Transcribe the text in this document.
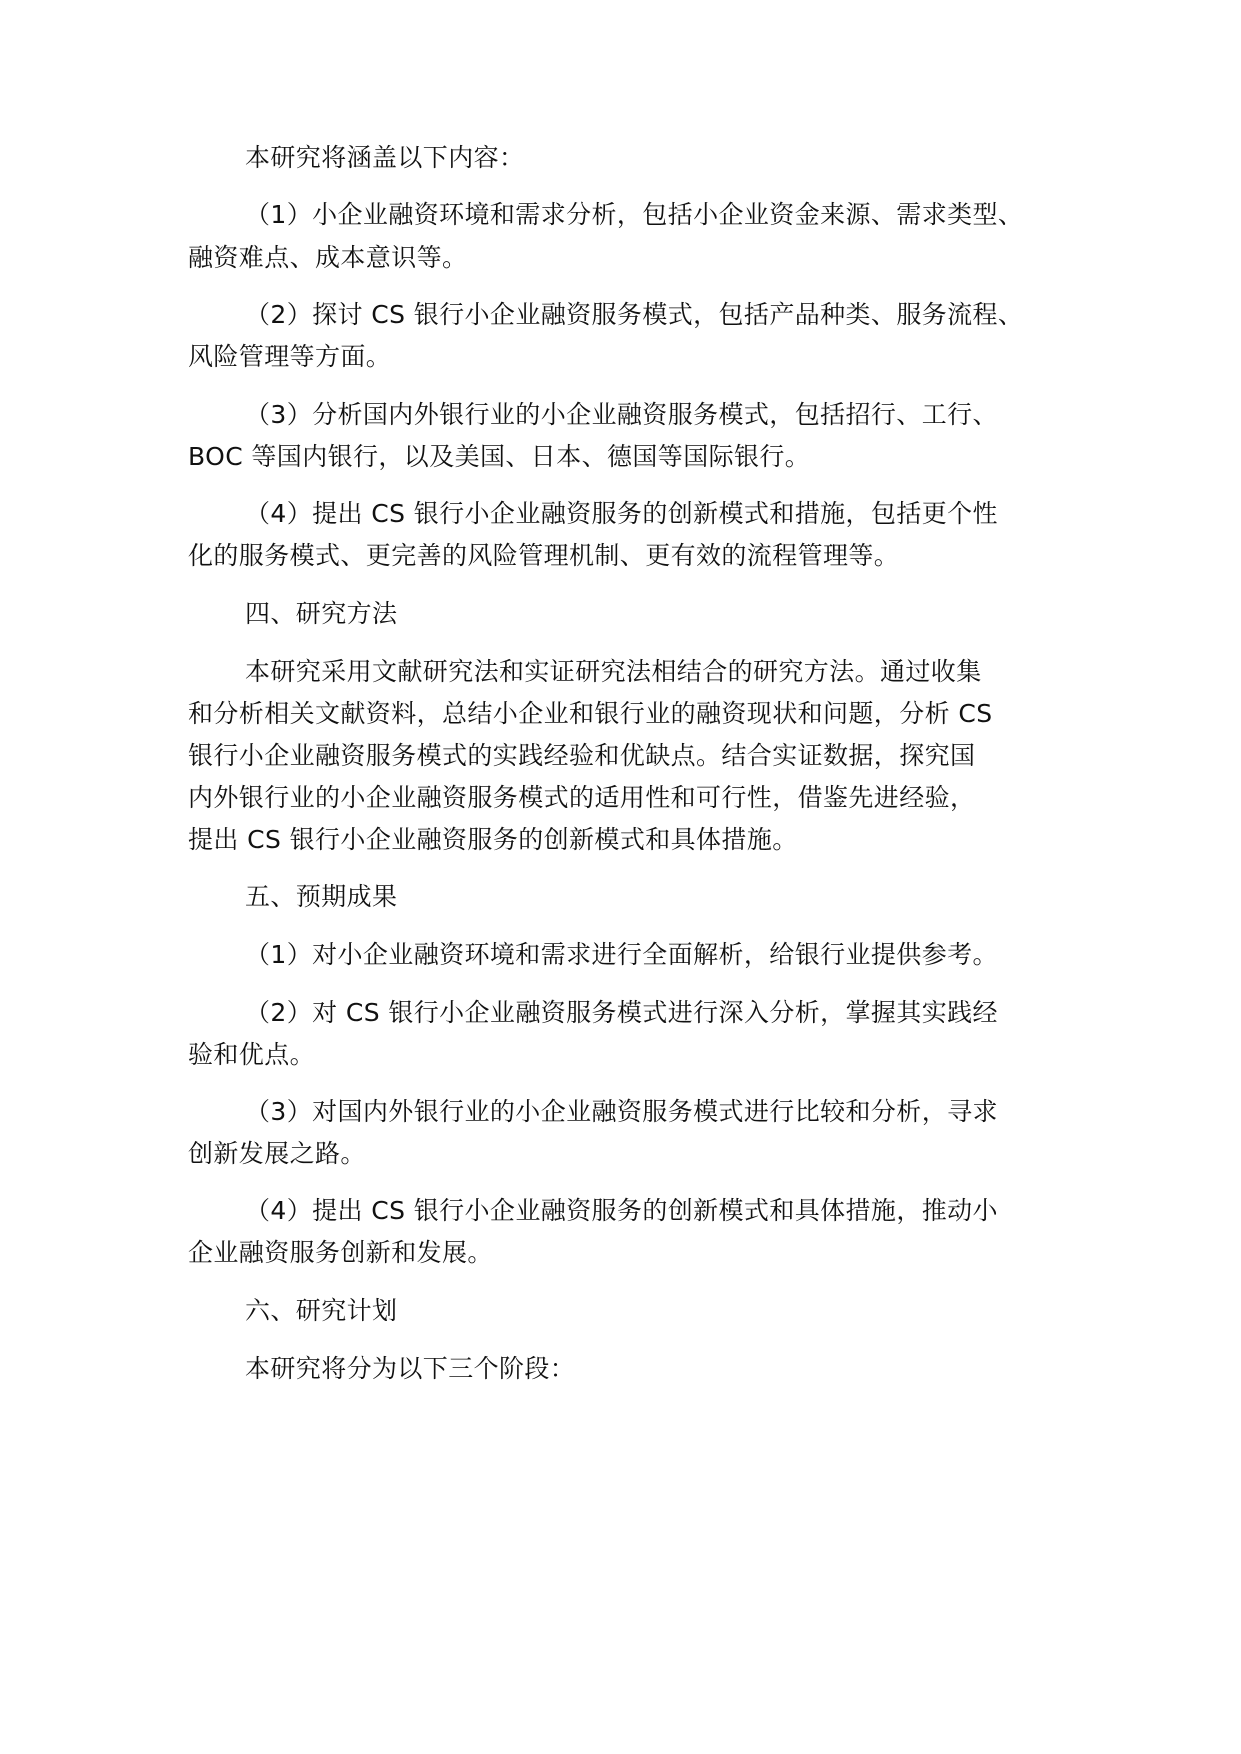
本研究将涵盖以下内容：
（1）小企业融资环境和需求分析，包括小企业资金来源、需求类型、
融资难点、成本意识等。
（2）探讨 CS 银行小企业融资服务模式，包括产品种类、服务流程、
风险管理等方面。
（3）分析国内外银行业的小企业融资服务模式，包括招行、工行、
BOC 等国内银行，以及美国、日本、德国等国际银行。
（4）提出 CS 银行小企业融资服务的创新模式和措施，包括更个性
化的服务模式、更完善的风险管理机制、更有效的流程管理等。
四、研究方法
本研究采用文献研究法和实证研究法相结合的研究方法。通过收集
和分析相关文献资料，总结小企业和银行业的融资现状和问题，分析 CS
银行小企业融资服务模式的实践经验和优缺点。结合实证数据，探究国
内外银行业的小企业融资服务模式的适用性和可行性，借鉴先进经验，
提出 CS 银行小企业融资服务的创新模式和具体措施。
五、预期成果
（1）对小企业融资环境和需求进行全面解析，给银行业提供参考。
（2）对 CS 银行小企业融资服务模式进行深入分析，掌握其实践经
验和优点。
（3）对国内外银行业的小企业融资服务模式进行比较和分析，寻求
创新发展之路。
（4）提出 CS 银行小企业融资服务的创新模式和具体措施，推动小
企业融资服务创新和发展。
六、研究计划
本研究将分为以下三个阶段：
